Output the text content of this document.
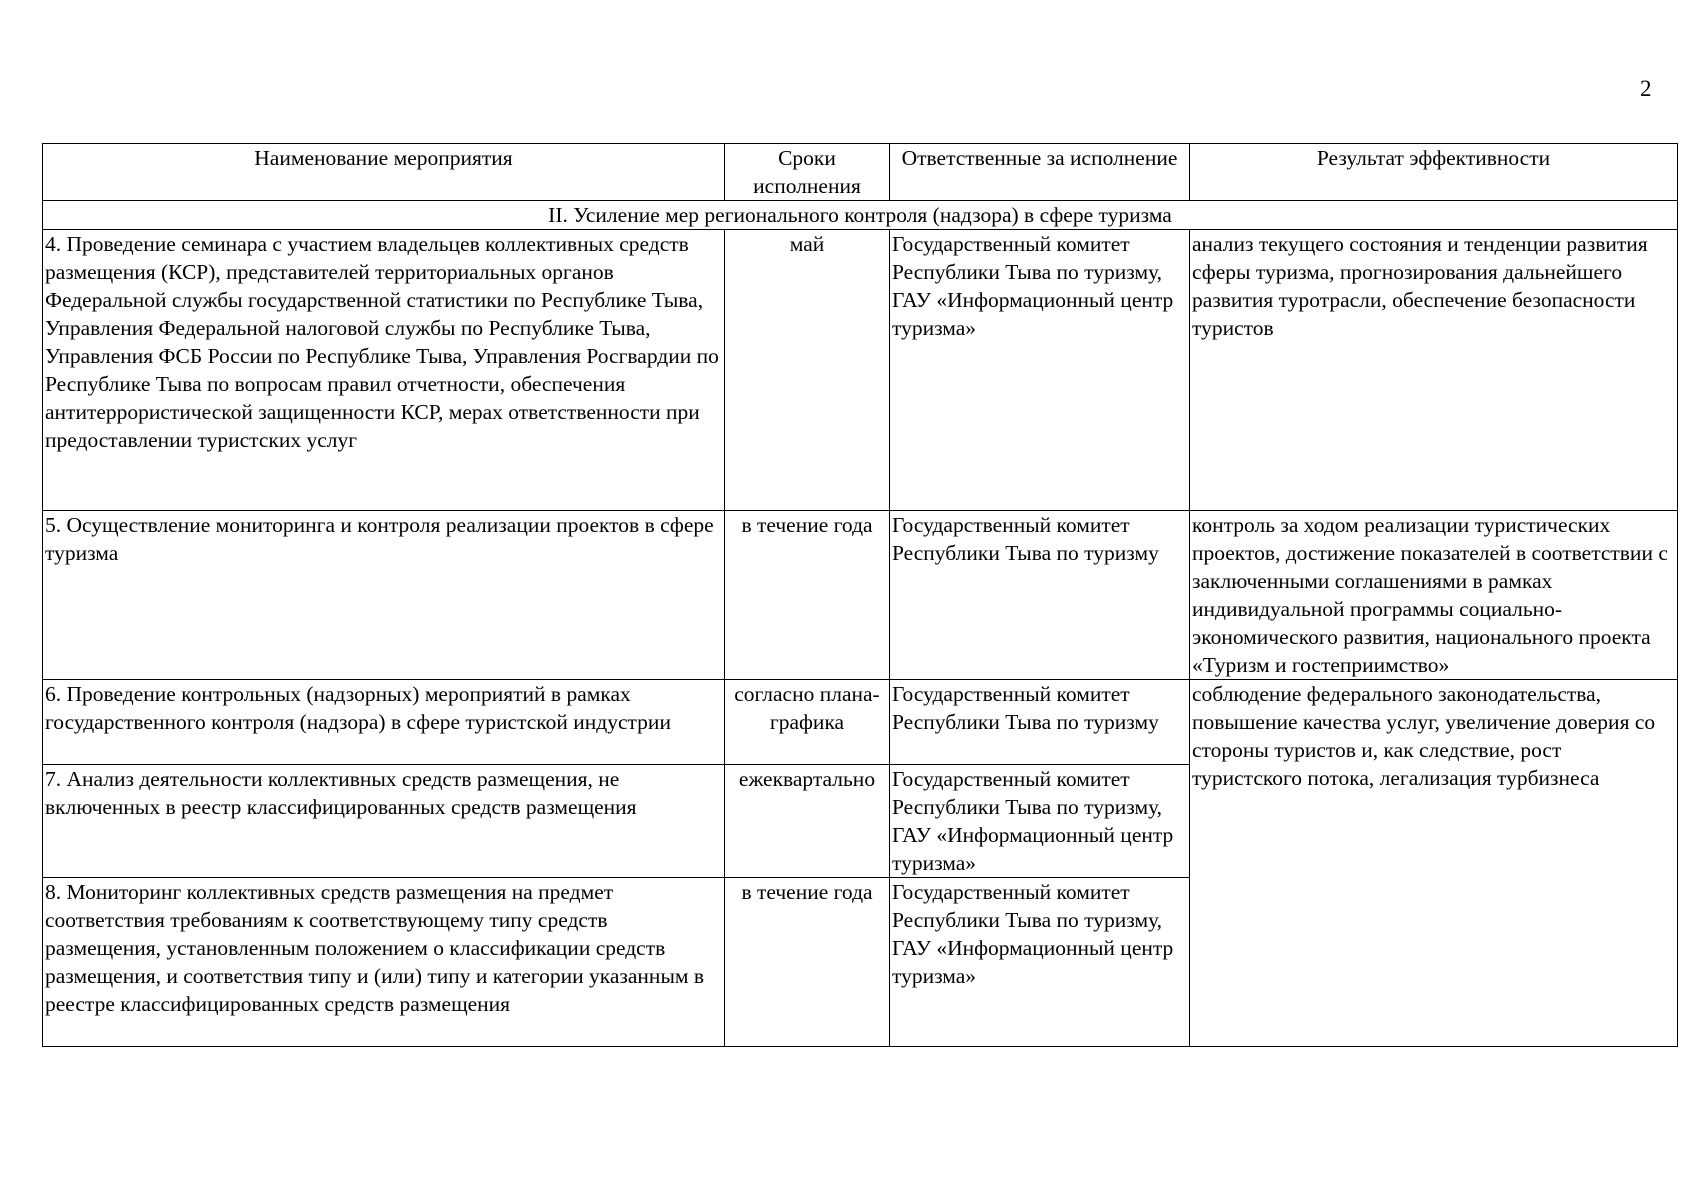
2
Наименование мероприятия	Сроки исполнения	Ответственные за исполнение	Результат эффективности
II. Усиление мер регионального контроля (надзора) в сфере туризма			
4. Проведение семинара с участием владельцев коллективных средств размещения (КСР), представителей территориальных органов Федеральной службы государственной статистики по Республике Тыва, Управления Федеральной налоговой службы по Республике Тыва, Управления ФСБ России по Республике Тыва, Управления Росгвардии по Республике Тыва по вопросам правил отчетности, обеспечения антитеррористической защищенности КСР, мерах ответственности при предоставлении туристских услуг	май	Государственный комитет Республики Тыва по туризму, ГАУ «Информационный центр туризма»	анализ текущего состояния и тенденции развития сферы туризма, прогнозирования дальнейшего развития туротрасли, обеспечение безопасности туристов
5. Осуществление мониторинга и контроля реализации проектов в сфере туризма	в течение года	Государственный комитет Республики Тыва по туризму	контроль за ходом реализации туристических проектов, достижение показателей в соответствии с заключенными соглашениями в рамках индивидуальной программы социально-экономического развития, национального проекта «Туризм и гостеприимство»
6. Проведение контрольных (надзорных) мероприятий в рамках государственного контроля (надзора) в сфере туристской индустрии	согласно плана-графика	Государственный комитет Республики Тыва по туризму	соблюдение федерального законодательства, повышение качества услуг, увеличение доверия со стороны туристов и, как следствие, рост туристского потока, легализация турбизнеса
7. Анализ деятельности коллективных средств размещения, не включенных в реестр классифицированных средств размещения	ежеквартально	Государственный комитет Республики Тыва по туризму, ГАУ «Информационный центр туризма»	
8. Мониторинг коллективных средств размещения на предмет соответствия требованиям к соответствующему типу средств размещения, установленным положением о классификации средств размещения, и соответствия типу и (или) типу и категории указанным в реестре классифицированных средств размещения	в течение года	Государственный комитет Республики Тыва по туризму, ГАУ «Информационный центр туризма»	
